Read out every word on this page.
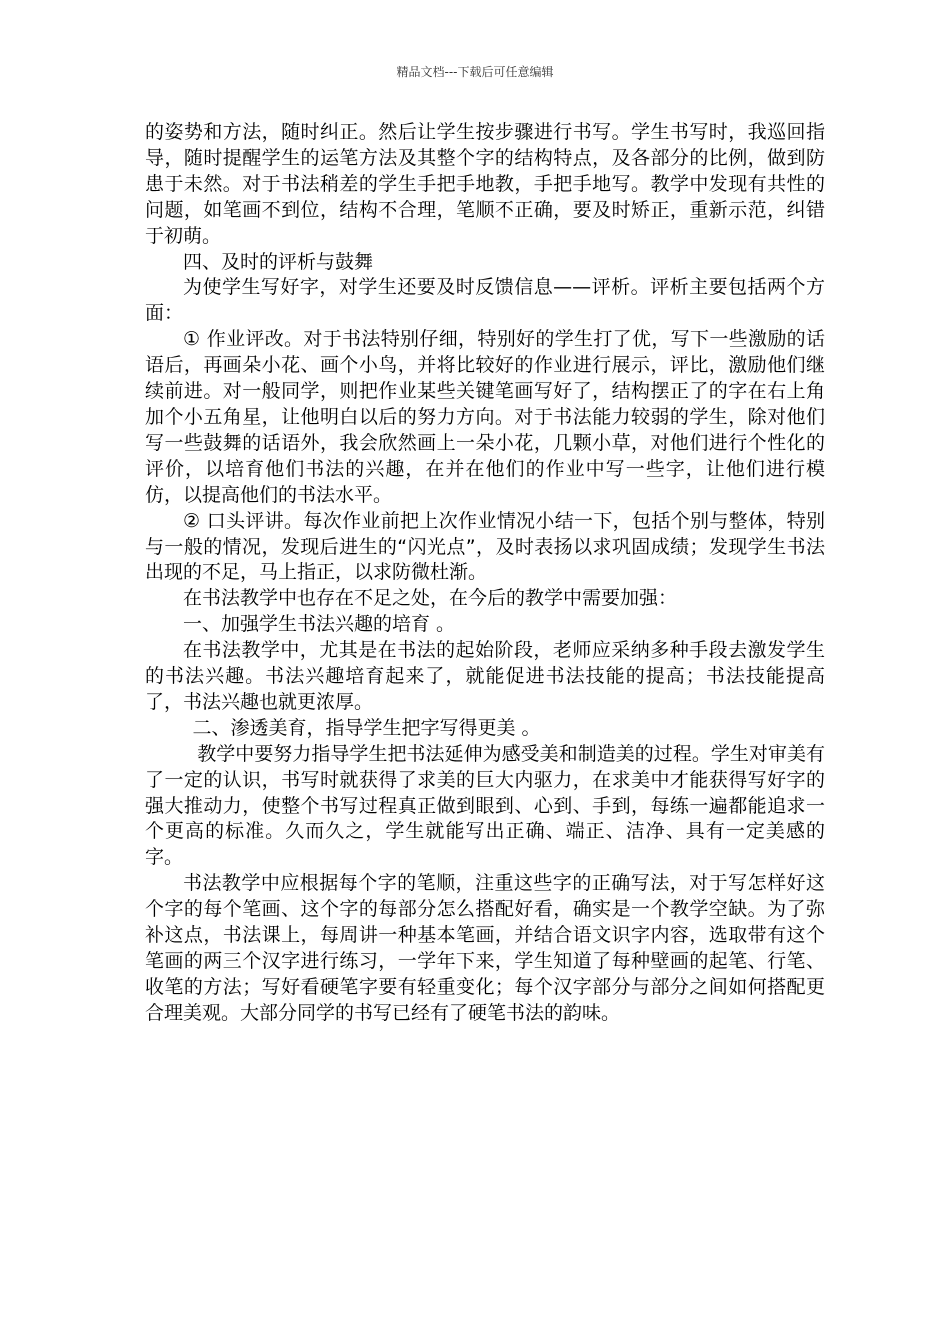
精品文档---下载后可任意编辑

的姿势和方法，随时纠正。然后让学生按步骤进行书写。学生书写时，我巡回指导，随时提醒学生的运笔方法及其整个字的结构特点，及各部分的比例，做到防患于未然。对于书法稍差的学生手把手地教，手把手地写。教学中发现有共性的问题，如笔画不到位，结构不合理，笔顺不正确，要及时矫正，重新示范，纠错于初萌。

四、及时的评析与鼓舞

为使学生写好字，对学生还要及时反馈信息——评析。评析主要包括两个方面：

① 作业评改。对于书法特别仔细，特别好的学生打了优，写下一些激励的话语后，再画朵小花、画个小鸟，并将比较好的作业进行展示，评比，激励他们继续前进。对一般同学，则把作业某些关键笔画写好了，结构摆正了的字在右上角加个小五角星，让他明白以后的努力方向。对于书法能力较弱的学生，除对他们写一些鼓舞的话语外，我会欣然画上一朵小花，几颗小草，对他们进行个性化的评价，以培育他们书法的兴趣，在并在他们的作业中写一些字，让他们进行模仿，以提高他们的书法水平。

② 口头评讲。每次作业前把上次作业情况小结一下，包括个别与整体，特别与一般的情况，发现后进生的“闪光点”，及时表扬以求巩固成绩；发现学生书法出现的不足，马上指正，以求防微杜渐。

在书法教学中也存在不足之处，在今后的教学中需要加强：

一、加强学生书法兴趣的培育 。

在书法教学中，尤其是在书法的起始阶段，老师应采纳多种手段去激发学生的书法兴趣。书法兴趣培育起来了，就能促进书法技能的提高；书法技能提高了，书法兴趣也就更浓厚。

二、渗透美育，指导学生把字写得更美 。

教学中要努力指导学生把书法延伸为感受美和制造美的过程。学生对审美有了一定的认识，书写时就获得了求美的巨大内驱力，在求美中才能获得写好字的强大推动力，使整个书写过程真正做到眼到、心到、手到，每练一遍都能追求一个更高的标准。久而久之，学生就能写出正确、端正、洁净、具有一定美感的字。

书法教学中应根据每个字的笔顺，注重这些字的正确写法，对于写怎样好这个字的每个笔画、这个字的每部分怎么搭配好看，确实是一个教学空缺。为了弥补这点，书法课上，每周讲一种基本笔画，并结合语文识字内容，选取带有这个笔画的两三个汉字进行练习，一学年下来，学生知道了每种壁画的起笔、行笔、收笔的方法；写好看硬笔字要有轻重变化；每个汉字部分与部分之间如何搭配更合理美观。大部分同学的书写已经有了硬笔书法的韵味。
